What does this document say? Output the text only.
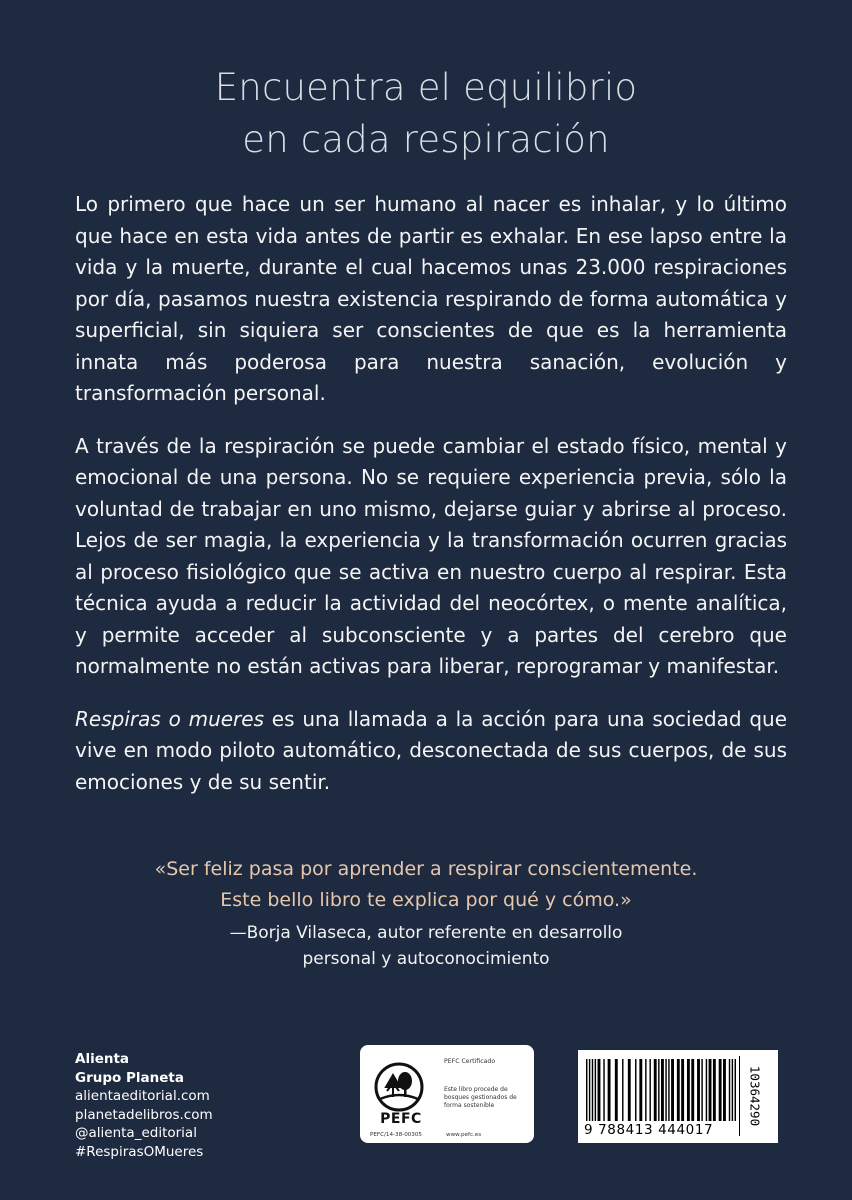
Encuentra el equilibrio
en cada respiración

Lo primero que hace un ser humano al nacer es inhalar, y lo último que hace en esta vida antes de partir es exhalar. En ese lapso entre la vida y la muerte, durante el cual hacemos unas 23.000 respiraciones por día, pasamos nuestra existencia respirando de forma automática y superficial, sin siquiera ser conscientes de que es la herramienta innata más poderosa para nuestra sanación, evolución y transformación personal.

A través de la respiración se puede cambiar el estado físico, mental y emocional de una persona. No se requiere experiencia previa, sólo la voluntad de trabajar en uno mismo, dejarse guiar y abrirse al proceso. Lejos de ser magia, la experiencia y la transformación ocurren gracias al proceso fisiológico que se activa en nuestro cuerpo al respirar. Esta técnica ayuda a reducir la actividad del neocórtex, o mente analítica, y permite acceder al subconsciente y a partes del cerebro que normalmente no están activas para liberar, reprogramar y manifestar.

Respiras o mueres es una llamada a la acción para una sociedad que vive en modo piloto automático, desconectada de sus cuerpos, de sus emociones y de su sentir.

«Ser feliz pasa por aprender a respirar conscientemente.
Este bello libro te explica por qué y cómo.»
—Borja Vilaseca, autor referente en desarrollo
personal y autoconocimiento
Alienta
Grupo Planeta
alientaeditorial.com
planetadelibros.com
@alienta_editorial
#RespirasOMueres
PEFC
PEFC Certificado
Este libro procede de bosques gestionados de forma sostenible
PEFC/14-38-00305	www.pefc.es	9 788413 444017
10364290
